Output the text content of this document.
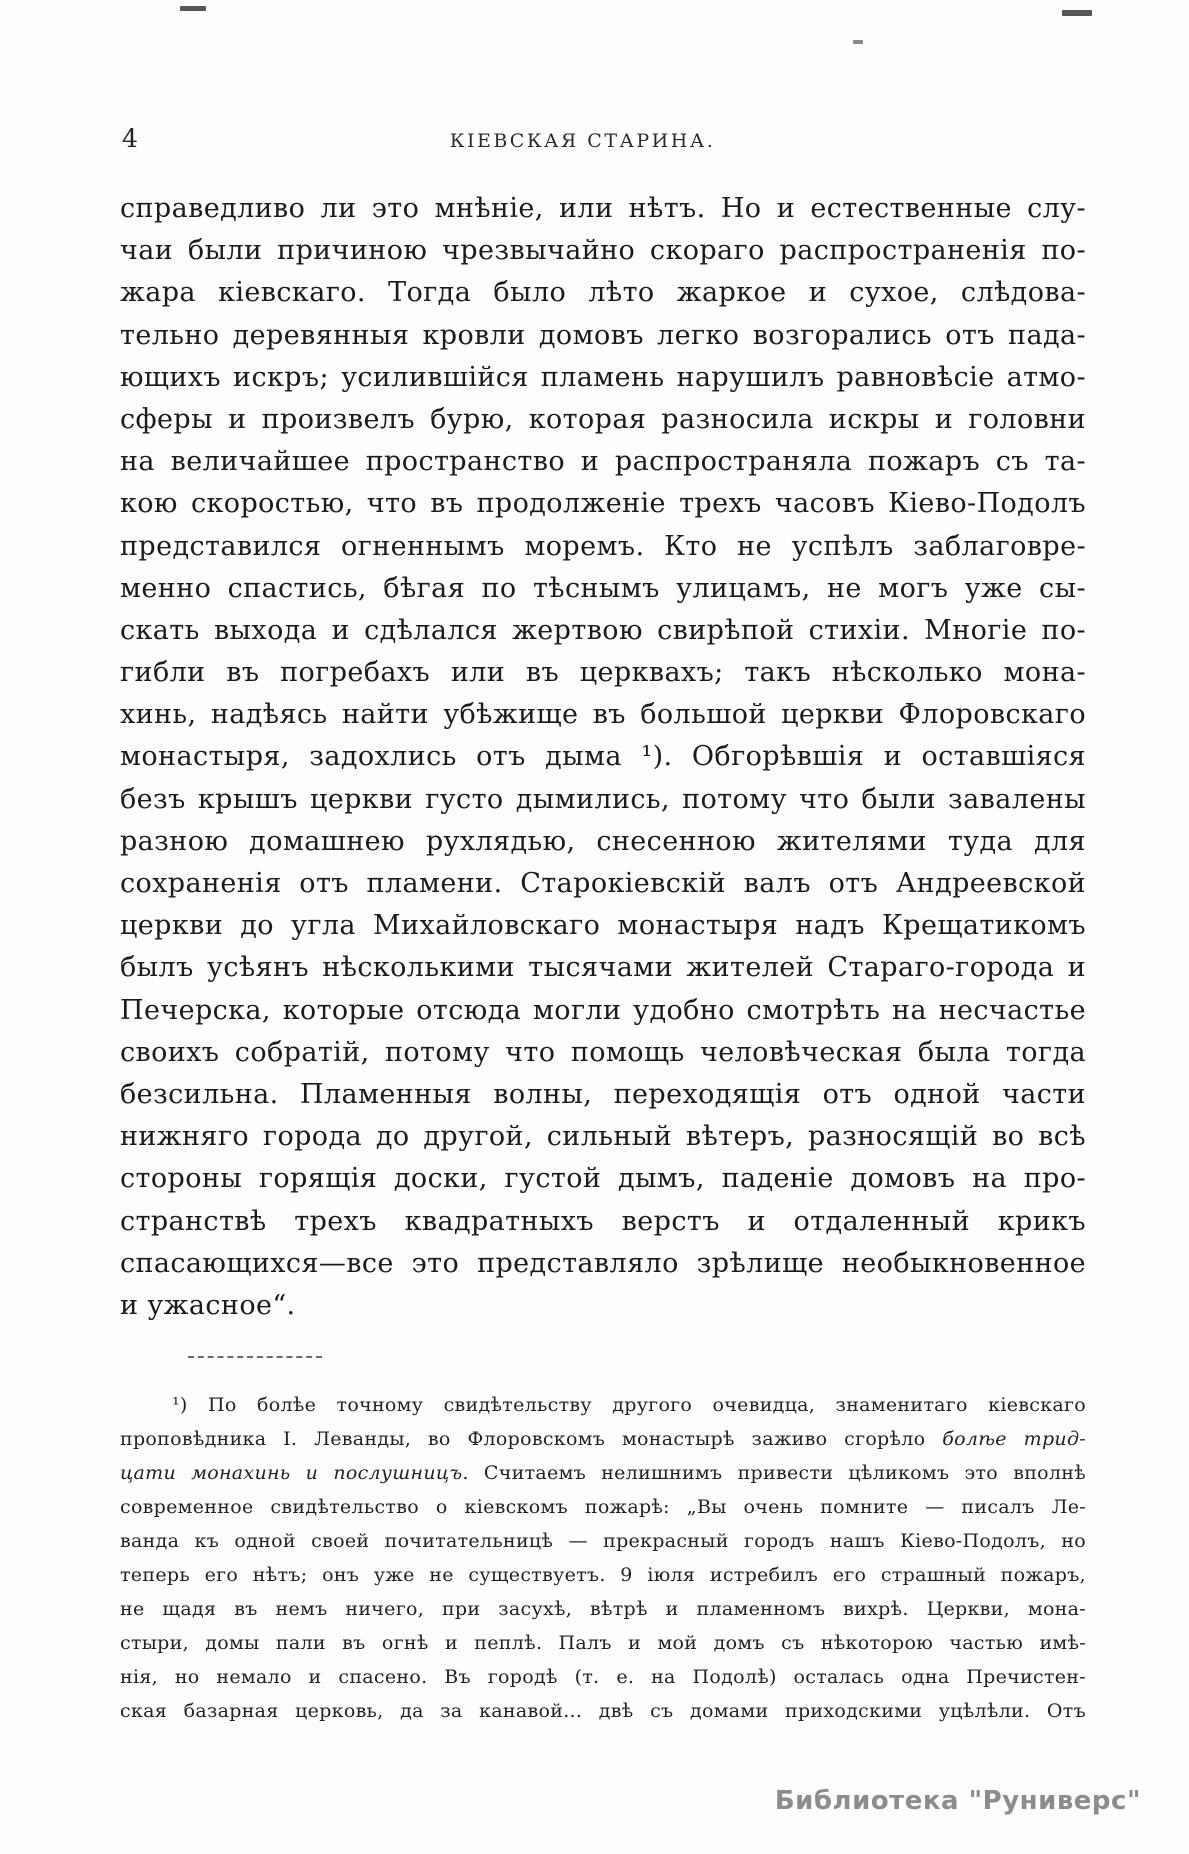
4	КІЕВСКАЯ СТАРИНА.
справедливо ли это мнѣніе, или нѣтъ. Но и естественные слу-
чаи были причиною чрезвычайно скораго распространенія по-
жара кіевскаго. Тогда было лѣто жаркое и сухое, слѣдова-
тельно деревянныя кровли домовъ легко возгорались отъ пада-
ющихъ искръ; усилившійся пламень нарушилъ равновѣсіе атмо-
сферы и произвелъ бурю, которая разносила искры и головни
на величайшее пространство и распространяла пожаръ съ та-
кою скоростью, что въ продолженіе трехъ часовъ Кіево-Подолъ
представился огненнымъ моремъ. Кто не успѣлъ заблаговре-
менно спастись, бѣгая по тѣснымъ улицамъ, не могъ уже сы-
скать выхода и сдѣлался жертвою свирѣпой стихіи. Многіе по-
гибли въ погребахъ или въ церквахъ; такъ нѣсколько мона-
хинь, надѣясь найти убѣжище въ большой церкви Флоровскаго
монастыря, задохлись отъ дыма ¹). Обгорѣвшія и оставшіяся
безъ крышъ церкви густо дымились, потому что были завалены
разною домашнею рухлядью, снесенною жителями туда для
сохраненія отъ пламени. Старокіевскій валъ отъ Андреевской
церкви до угла Михайловскаго монастыря надъ Крещатикомъ
былъ усѣянъ нѣсколькими тысячами жителей Стараго-города и
Печерска, которые отсюда могли удобно смотрѣть на несчастье
своихъ собратій, потому что помощь человѣческая была тогда
безсильна. Пламенныя волны, переходящія отъ одной части
нижняго города до другой, сильный вѣтеръ, разносящій во всѣ
стороны горящія доски, густой дымъ, паденіе домовъ на про-
странствѣ трехъ квадратныхъ верстъ и отдаленный крикъ
спасающихся—все это представляло зрѣлище необыкновенное
и ужасное“.
¹) По болѣе точному свидѣтельству другого очевидца, знаменитаго кіевскаго
проповѣдника І. Леванды, во Флоровскомъ монастырѣ заживо сгорѣло болѣе трид-
цати монахинь и послушницъ. Считаемъ нелишнимъ привести цѣликомъ это вполнѣ
современное свидѣтельство о кіевскомъ пожарѣ: „Вы очень помните — писалъ Ле-
ванда къ одной своей почитательницѣ — прекрасный городъ нашъ Кіево-Подолъ, но
теперь его нѣтъ; онъ уже не существуетъ. 9 іюля истребилъ его страшный пожаръ,
не щадя въ немъ ничего, при засухѣ, вѣтрѣ и пламенномъ вихрѣ. Церкви, мона-
стыри, домы пали въ огнѣ и пеплѣ. Палъ и мой домъ съ нѣкоторою частью имѣ-
нія, но немало и спасено. Въ городѣ (т. е. на Подолѣ) осталась одна Пречистен-
ская базарная церковь, да за канавой... двѣ съ домами приходскими уцѣлѣли. Отъ
Библиотека "Руниверс"
